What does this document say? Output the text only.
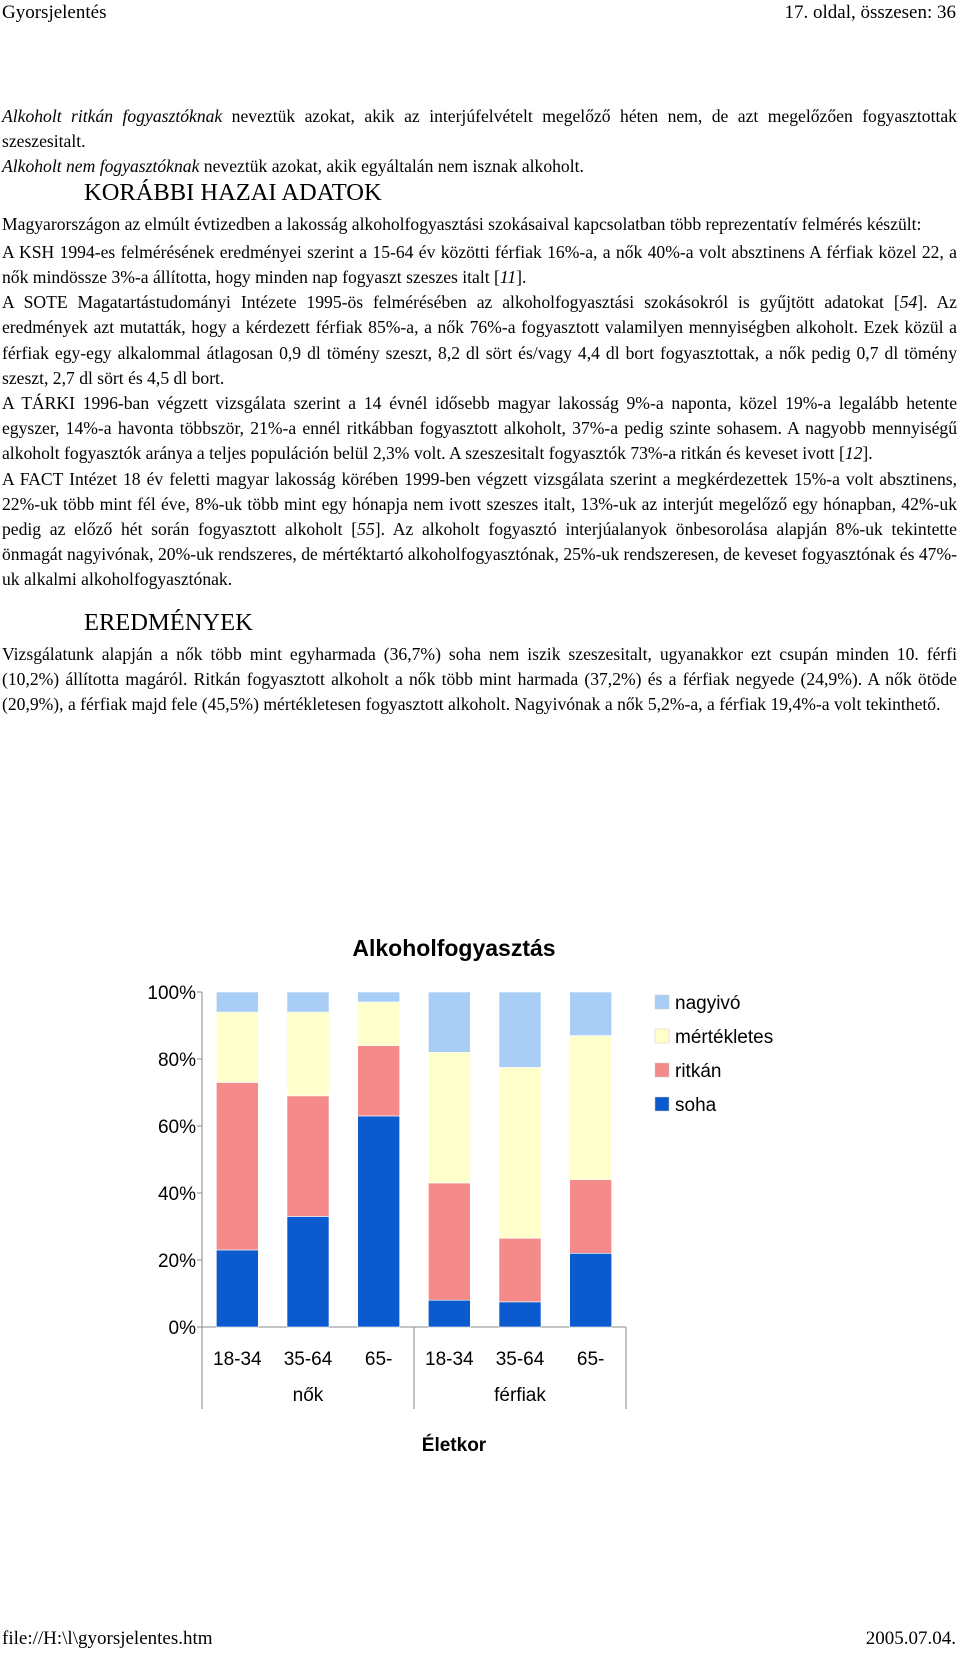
Gyorsjelentés	17. oldal, összesen: 36

Alkoholt ritkán fogyasztóknak neveztük azokat, akik az interjúfelvételt megelőző héten nem, de azt megelőzően fogyasztottak szeszesitalt.

Alkoholt nem fogyasztóknak neveztük azokat, akik egyáltalán nem isznak alkoholt.

KORÁBBI HAZAI ADATOK

Magyarországon az elmúlt évtizedben a lakosság alkoholfogyasztási szokásaival kapcsolatban több reprezentatív felmérés készült:

A KSH 1994-es felmérésének eredményei szerint a 15-64 év közötti férfiak 16%-a, a nők 40%-a volt absztinens A férfiak közel 22, a nők mindössze 3%-a állította, hogy minden nap fogyaszt szeszes italt [11].

A SOTE Magatartástudományi Intézete 1995-ös felmérésében az alkoholfogyasztási szokásokról is gyűjtött adatokat [54]. Az eredmények azt mutatták, hogy a kérdezett férfiak 85%-a, a nők 76%-a fogyasztott valamilyen mennyiségben alkoholt. Ezek közül a férfiak egy-egy alkalommal átlagosan 0,9 dl tömény szeszt, 8,2 dl sört és/vagy 4,4 dl bort fogyasztottak, a nők pedig 0,7 dl tömény szeszt, 2,7 dl sört és 4,5 dl bort.

A TÁRKI 1996-ban végzett vizsgálata szerint a 14 évnél idősebb magyar lakosság 9%-a naponta, közel 19%-a legalább hetente egyszer, 14%-a havonta többször, 21%-a ennél ritkábban fogyasztott alkoholt, 37%-a pedig szinte sohasem. A nagyobb mennyiségű alkoholt fogyasztók aránya a teljes populáción belül 2,3% volt. A szeszesitalt fogyasztók 73%-a ritkán és keveset ivott [12].

A FACT Intézet 18 év feletti magyar lakosság körében 1999-ben végzett vizsgálata szerint a megkérdezettek 15%-a volt absztinens, 22%-uk több mint fél éve, 8%-uk több mint egy hónapja nem ivott szeszes italt, 13%-uk az interjút megelőző egy hónapban, 42%-uk pedig az előző hét során fogyasztott alkoholt [55]. Az alkoholt fogyasztó interjúalanyok önbesorolása alapján 8%-uk tekintette önmagát nagyivónak, 20%-uk rendszeres, de mértéktartó alkoholfogyasztónak, 25%-uk rendszeresen, de keveset fogyasztónak és 47%-uk alkalmi alkoholfogyasztónak.

EREDMÉNYEK

Vizsgálatunk alapján a nők több mint egyharmada (36,7%) soha nem iszik szeszesitalt, ugyanakkor ezt csupán minden 10. férfi (10,2%) állította magáról. Ritkán fogyasztott alkoholt a nők több mint harmada (37,2%) és a férfiak negyede (24,9%). A nők ötöde (20,9%), a férfiak majd fele (45,5%) mértékletesen fogyasztott alkoholt. Nagyivónak a nők 5,2%-a, a férfiak 19,4%-a volt tekinthető.

Alkoholfogyasztás
0%
20%
40%
60%
80%
100%
18-34 35-64 65- 18-34 35-64 65-
nők	férfiak
Életkor
nagyivó
mértékletes
ritkán
soha
file://H:\l\gyorsjelentes.htm	2005.07.04.
